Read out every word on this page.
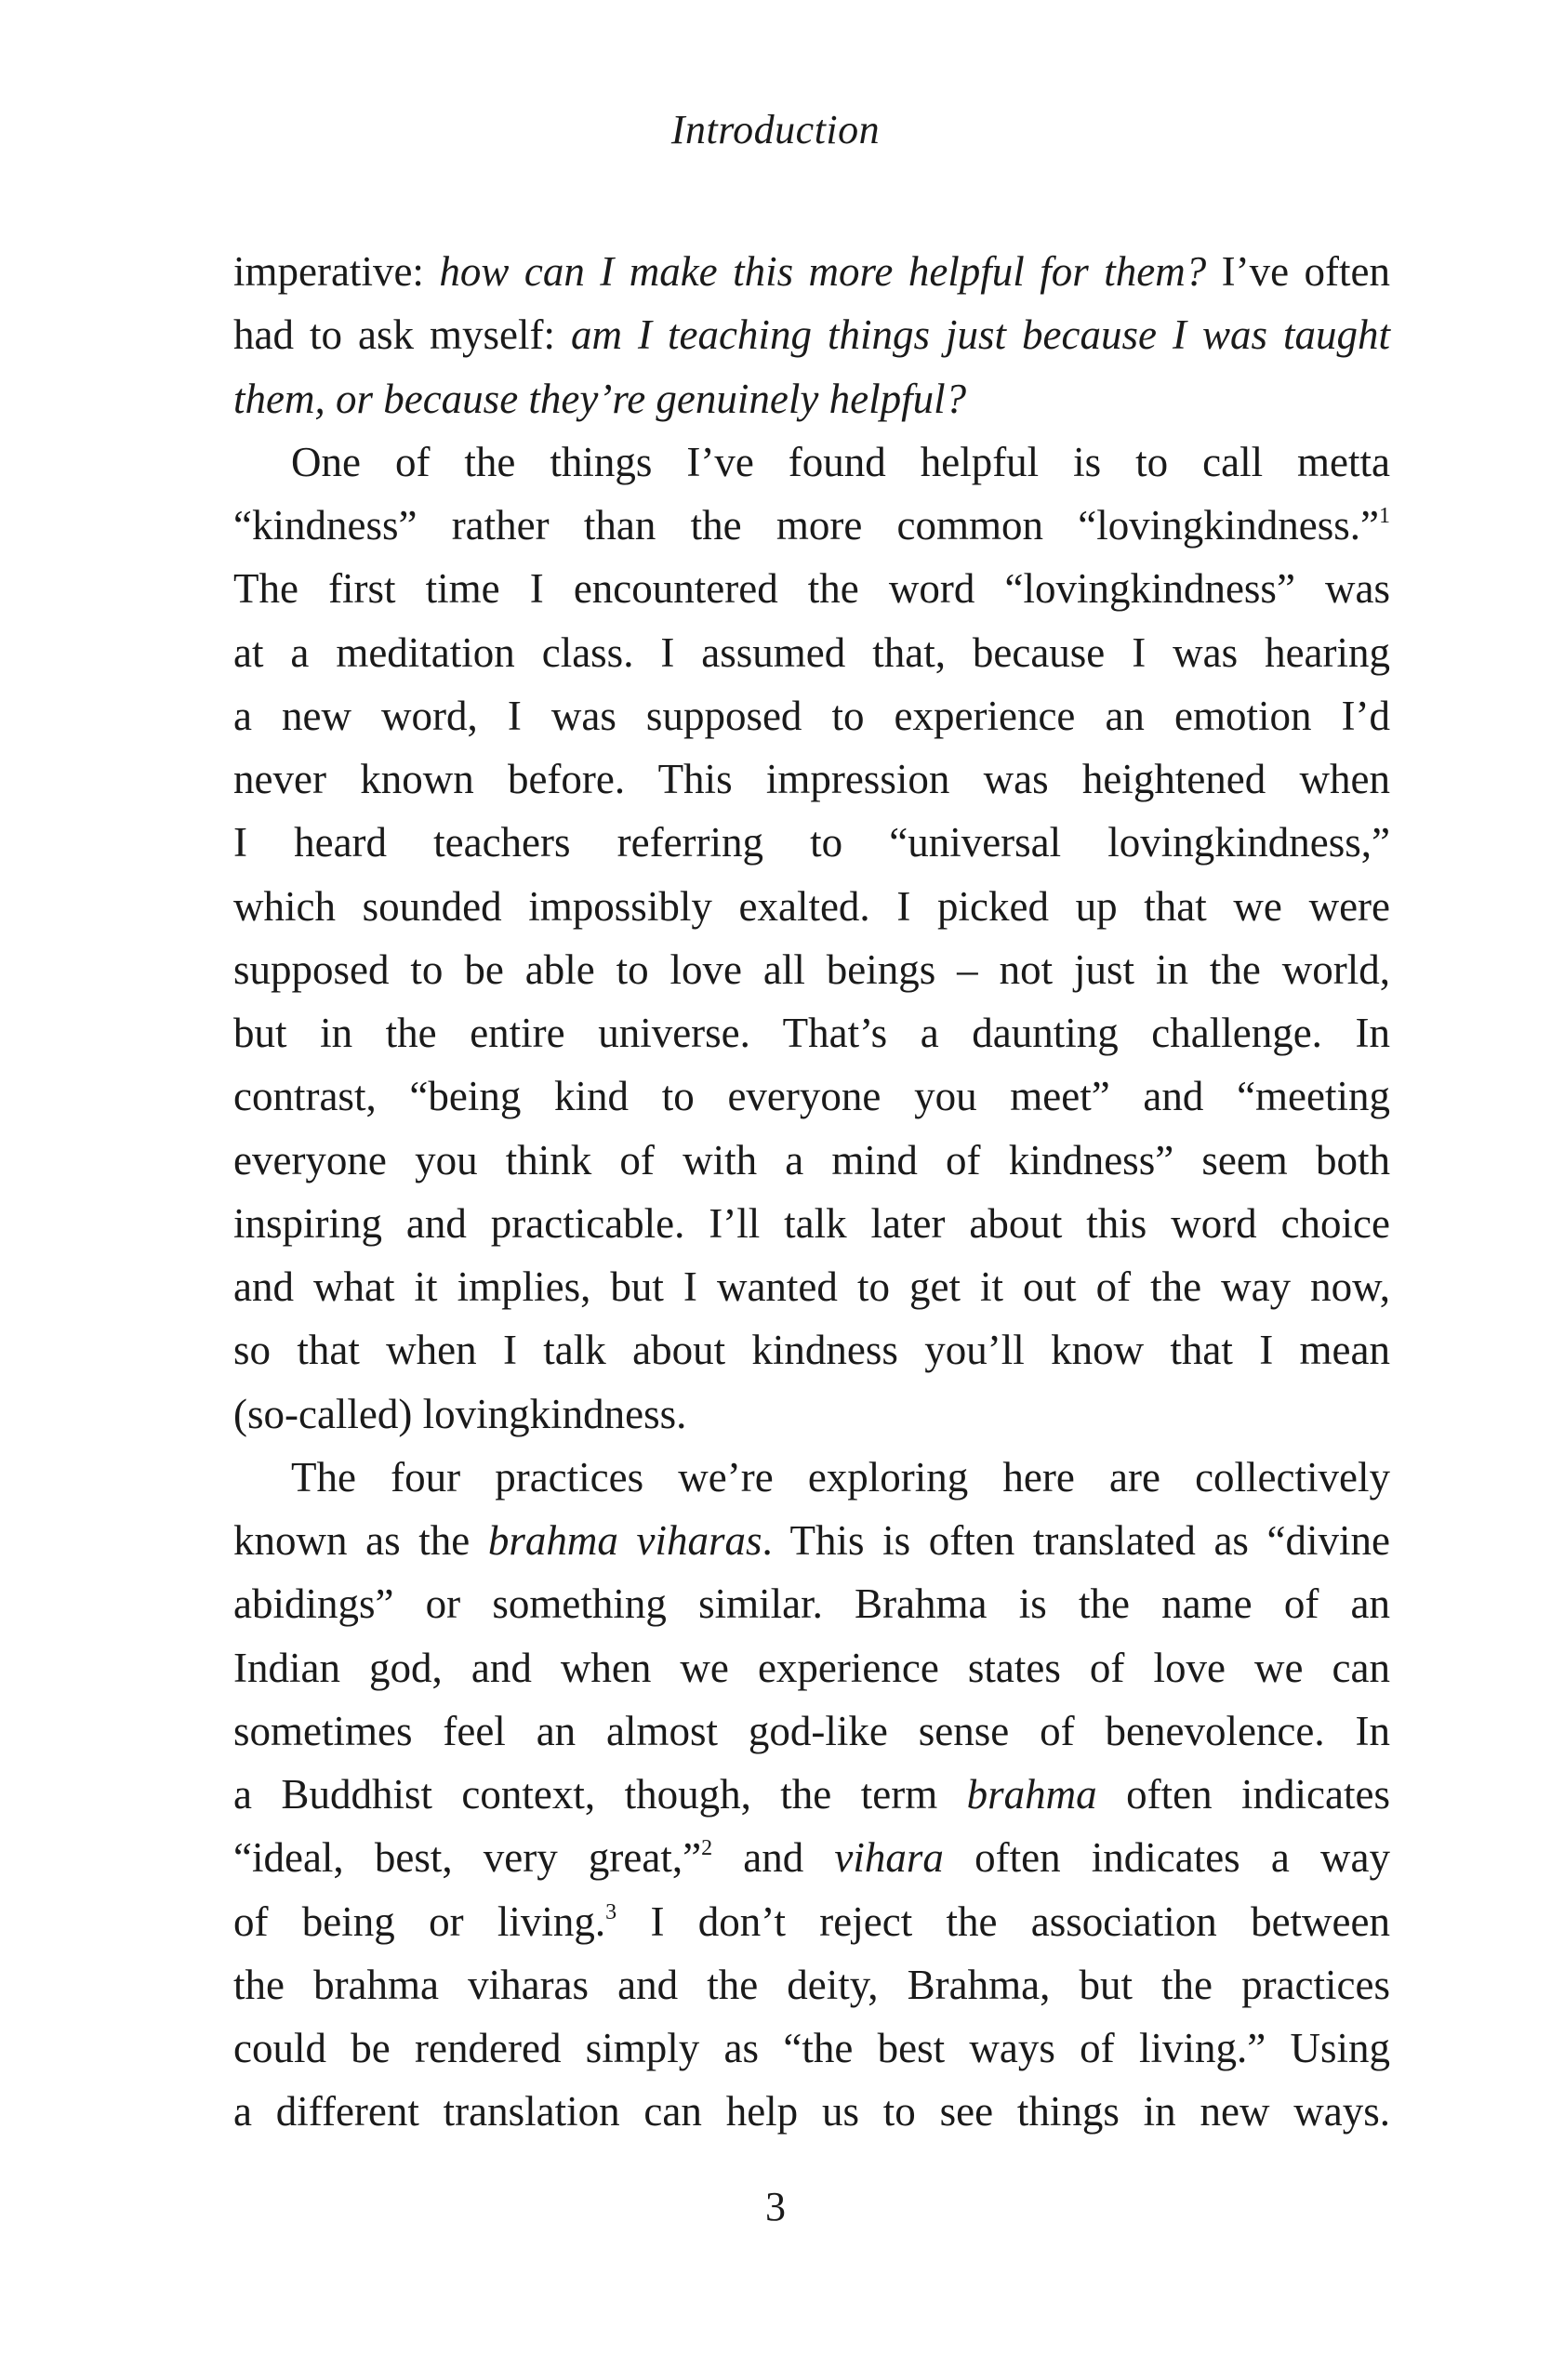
Introduction

imperative: how can I make this more helpful for them? I’ve often
had to ask myself: am I teaching things just because I was taught
them, or because they’re genuinely helpful?

One of the things I’ve found helpful is to call metta
“kindness” rather than the more common “lovingkindness.”$^1$
The first time I encountered the word “lovingkindness” was
at a meditation class. I assumed that, because I was hearing
a new word, I was supposed to experience an emotion I’d
never known before. This impression was heightened when
I heard teachers referring to “universal lovingkindness,”
which sounded impossibly exalted. I picked up that we were
supposed to be able to love all beings – not just in the world,
but in the entire universe. That’s a daunting challenge. In
contrast, “being kind to everyone you meet” and “meeting
everyone you think of with a mind of kindness” seem both
inspiring and practicable. I’ll talk later about this word choice
and what it implies, but I wanted to get it out of the way now,
so that when I talk about kindness you’ll know that I mean
(so-called) lovingkindness.

The four practices we’re exploring here are collectively
known as the brahma viharas. This is often translated as “divine
abidings” or something similar. Brahma is the name of an
Indian god, and when we experience states of love we can
sometimes feel an almost god-like sense of benevolence. In
a Buddhist context, though, the term brahma often indicates
“ideal, best, very great,”$^2$ and vihara often indicates a way
of being or living.$^3$ I don’t reject the association between
the brahma viharas and the deity, Brahma, but the practices
could be rendered simply as “the best ways of living.” Using
a different translation can help us to see things in new ways.

3
